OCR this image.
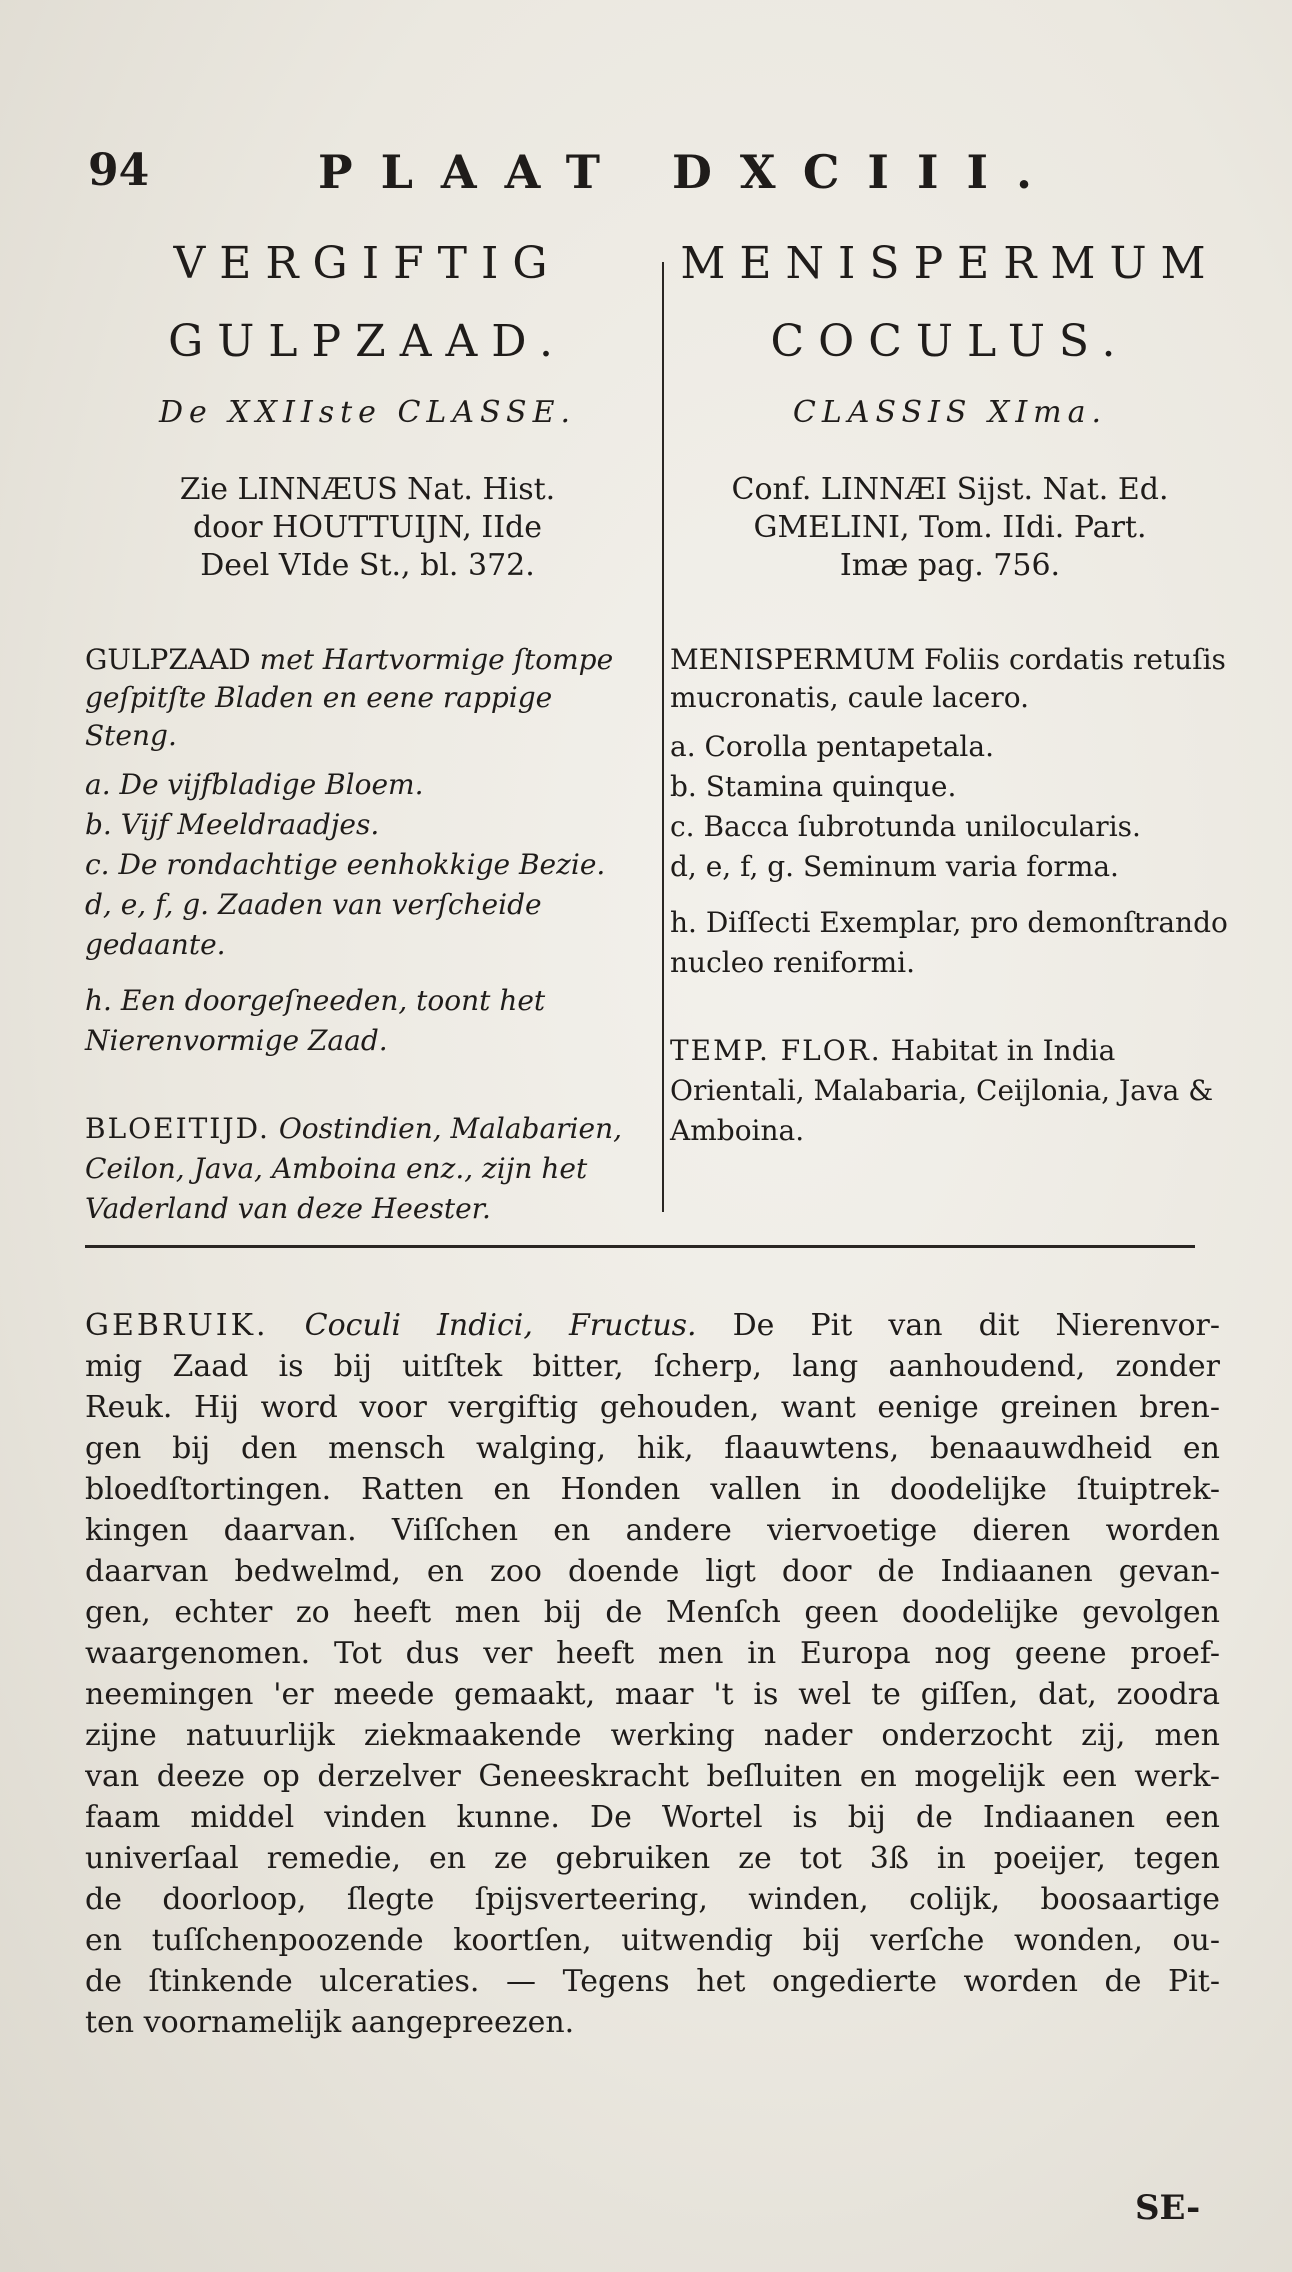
94	PLAAT DXCIII.
VERGIFTIG
GULPZAAD.
De XXIIste CLASSE.
Zie LINNÆUS Nat. Hist.
door HOUTTUIJN, IIde
Deel VIde St., bl. 372.
GULPZAAD met Hartvormige ſtompe geſpitſte Bladen en eene rappige Steng.
a. De vijfbladige Bloem.
b. Vijf Meeldraadjes.
c. De rondachtige eenhokkige Bezie.
d, e, f, g. Zaaden van verſcheide gedaante.
h. Een doorgeſneeden, toont het Nierenvormige Zaad.
BLOEITIJD. Oostindien, Malabarien, Ceilon, Java, Amboina enz., zijn het Vaderland van deze Heester.
MENISPERMUM
COCULUS.
CLASSIS XIma.
Conf. LINNÆI Sijst. Nat. Ed.
GMELINI, Tom. IIdi. Part.
Imæ pag. 756.
MENISPERMUM Foliis cordatis retuſis mucronatis, caule lacero.
a. Corolla pentapetala.
b. Stamina quinque.
c. Bacca ſubrotunda unilocularis.
d, e, f, g. Seminum varia forma.
h. Diſſecti Exemplar, pro demonſtrando nucleo reniformi.
TEMP. FLOR. Habitat in India Orientali, Malabaria, Ceijlonia, Java & Amboina.
GEBRUIK. Coculi Indici, Fructus. De Pit van dit Nierenvor-
mig Zaad is bij uitſtek bitter, ſcherp, lang aanhoudend, zonder
Reuk. Hij word voor vergiftig gehouden, want eenige greinen bren-
gen bij den mensch walging, hik, flaauwtens, benaauwdheid en
bloedſtortingen. Ratten en Honden vallen in doodelijke ſtuiptrek-
kingen daarvan. Viſſchen en andere viervoetige dieren worden
daarvan bedwelmd, en zoo doende ligt door de Indiaanen gevan-
gen, echter zo heeft men bij de Menſch geen doodelijke gevolgen
waargenomen. Tot dus ver heeft men in Europa nog geene proef-
neemingen 'er meede gemaakt, maar 't is wel te giſſen, dat, zoodra
zijne natuurlijk ziekmaakende werking nader onderzocht zij, men
van deeze op derzelver Geneeskracht beſluiten en mogelijk een werk-
faam middel vinden kunne. De Wortel is bij de Indiaanen een
univerſaal remedie, en ze gebruiken ze tot 3ß in poeijer, tegen
de doorloop, ſlegte ſpijsverteering, winden, colijk, boosaartige
en tuſſchenpoozende koortſen, uitwendig bij verſche wonden, ou-
de ſtinkende ulceraties. — Tegens het ongedierte worden de Pit-
ten voornamelijk aangepreezen.
SE-
